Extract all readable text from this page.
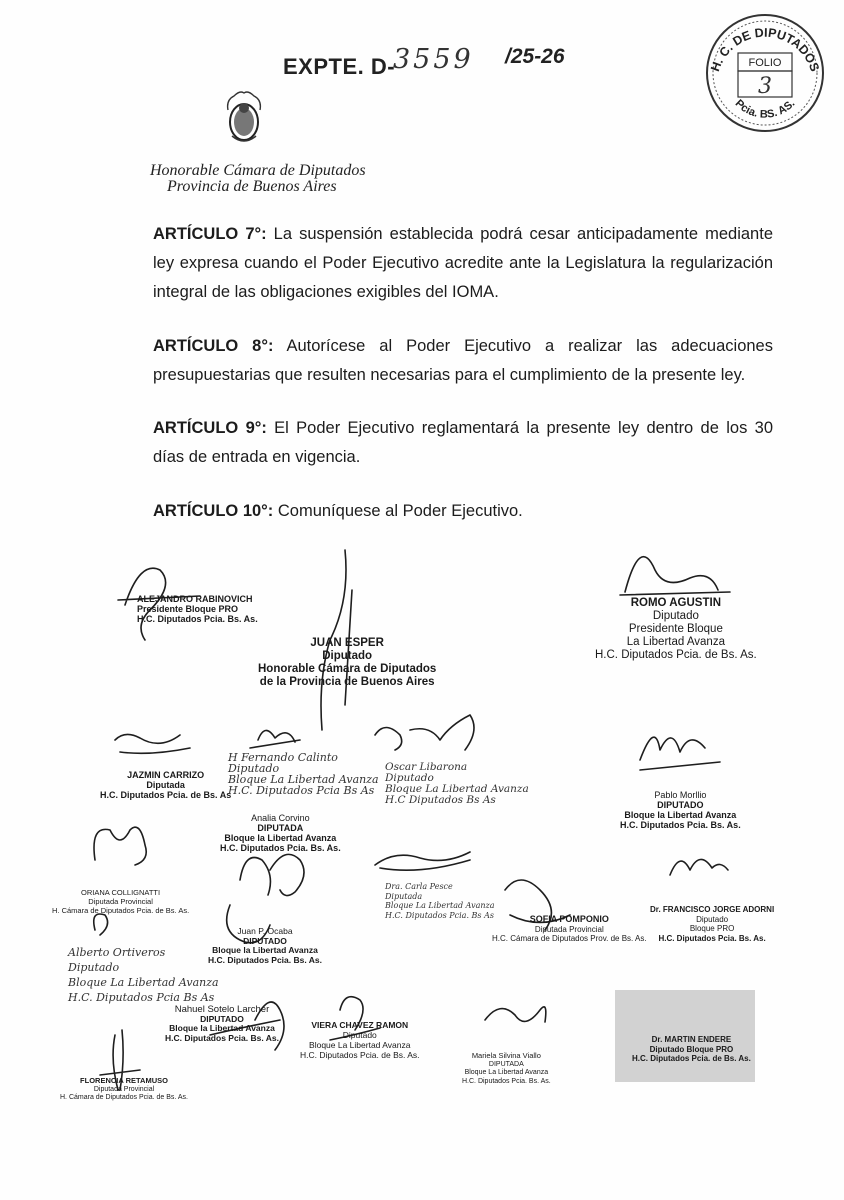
EXPTE. D-
3559 /25-26	H. C. DE DIPUTADOS
FOLIO
3
Pcia. BS. AS.
Honorable Cámara de Diputados
Provincia de Buenos Aires
ARTÍCULO 7°: La suspensión establecida podrá cesar anticipadamente mediante ley expresa cuando el Poder Ejecutivo acredite ante la Legislatura la regularización integral de las obligaciones exigibles del IOMA.
ARTÍCULO 8°: Autorícese al Poder Ejecutivo a realizar las adecuaciones presupuestarias que resulten necesarias para el cumplimiento de la presente ley.
ARTÍCULO 9°: El Poder Ejecutivo reglamentará la presente ley dentro de los 30 días de entrada en vigencia.
ARTÍCULO 10°: Comuníquese al Poder Ejecutivo.
ALEJANDRO RABINOVICH
Presidente Bloque PRO
H.C. Diputados Pcia. Bs. As.
JUAN ESPER
Diputado
Honorable Cámara de Diputados
de la Provincia de Buenos Aires
ROMO AGUSTIN
Diputado
Presidente Bloque
La Libertad Avanza
H.C. Diputados Pcia. de Bs. As.
JAZMIN CARRIZO
Diputada
H.C. Diputados Pcia. de Bs. As
H Fernando Calinto
Diputado
Bloque La Libertad Avanza
H.C. Diputados Pcia Bs As
Oscar Libarona
Diputado
Bloque La Libertad Avanza
H.C Diputados Bs As	Pablo Morllio
DIPUTADO
Bloque la Libertad Avanza
H.C. Diputados Pcia. Bs. As.
Analia Corvino
DIPUTADA
Bloque la Libertad Avanza
H.C. Diputados Pcia. Bs. As.
ORIANA COLLIGNATTI
Diputada Provincial
H. Cámara de Diputados Pcia. de Bs. As.
Dra. Carla Pesce
Diputada
Bloque La Libertad Avanza
H.C. Diputados Pcia. Bs As	SOFIA POMPONIO
Diputada Provincial
H.C. Cámara de Diputados Prov. de Bs. As.
Dr. FRANCISCO JORGE ADORNI
Diputado
Bloque PRO
H.C. Diputados Pcia. Bs. As.
Juan P. Ocaba
DIPUTADO
Bloque la Libertad Avanza
H.C. Diputados Pcia. Bs. As.
Alberto Ortiveros
Diputado
Bloque La Libertad Avanza
H.C. Diputados Pcia Bs As
Nahuel Sotelo Larcher
DIPUTADO
Bloque la Libertad Avanza
H.C. Diputados Pcia. Bs. As.
VIERA CHAVEZ RAMON
Diputado
Bloque La Libertad Avanza
H.C. Diputados Pcia. de Bs. As.	Mariela Silvina Viallo
DIPUTADA
Bloque La Libertad Avanza
H.C. Diputados Pcia. Bs. As.
Dr. MARTIN ENDERE
Diputado Bloque PRO
H.C. Diputados Pcia. de Bs. As.
FLORENCIA RETAMUSO
Diputada Provincial
H. Cámara de Diputados Pcia. de Bs. As.
